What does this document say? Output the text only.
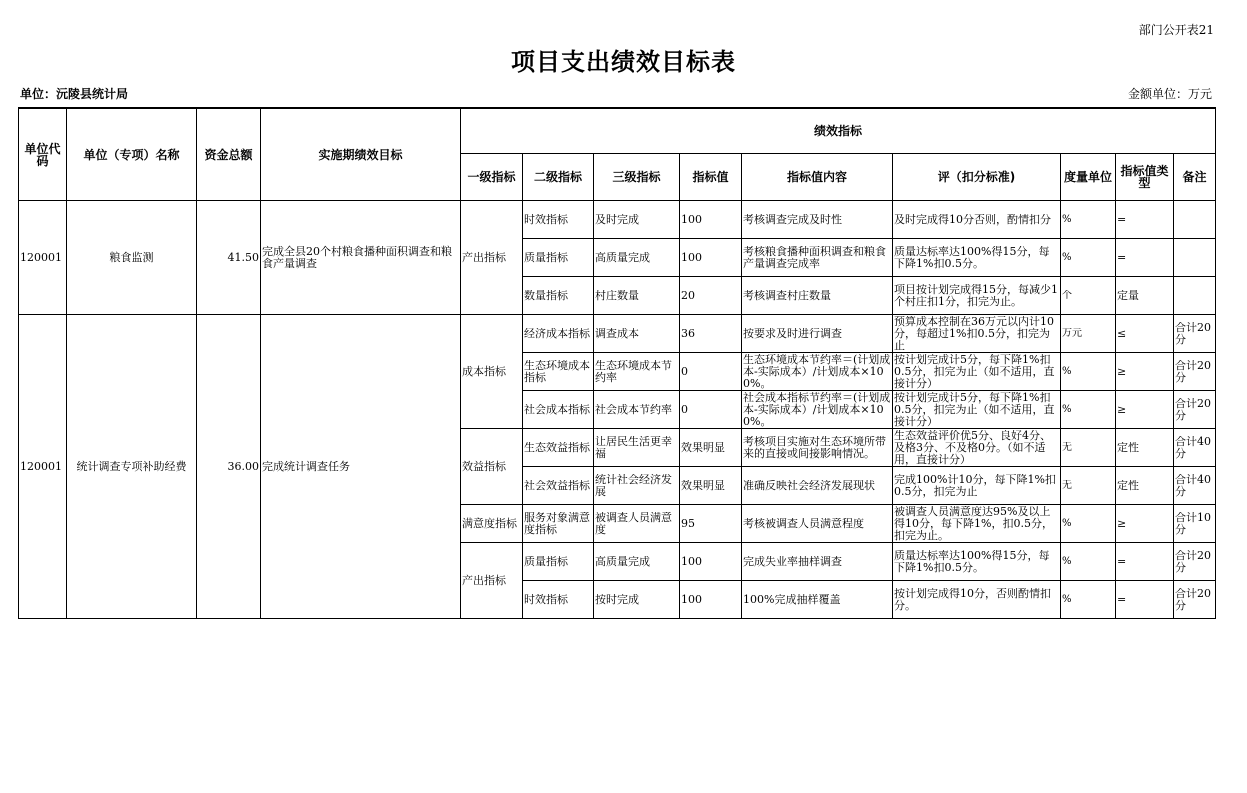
部门公开表21
项目支出绩效目标表
单位：沅陵县统计局	金额单位：万元
单位代码	单位（专项）名称	资金总额	实施期绩效目标	绩效指标								
				一级指标	二级指标	三级指标	指标值	指标值内容	评（扣分标准)	度量单位	指标值类型	备注
120001	粮食监测	41.50	完成全县20个村粮食播种面积调查和粮食产量调查	产出指标	时效指标	及时完成	100	考核调查完成及时性	及时完成得10分否则，酌情扣分	%	=	

					质量指标	高质量完成	100	考核粮食播种面积调查和粮食产量调查完成率	质量达标率达100%得15分，每下降1%扣0.5分。	%	=	

					数量指标	村庄数量	20	考核调查村庄数量	项目按计划完成得15分，每减少1个村庄扣1分，扣完为止。	个	定量	

120001	统计调查专项补助经费	36.00	完成统计调查任务	成本指标	经济成本指标	调查成本	36	按要求及时进行调查	预算成本控制在36万元以内计10分，每超过1%扣0.5分，扣完为止	万元	≤	合计20分

					生态环境成本指标	生态环境成本节约率	0	生态环境成本节约率＝(计划成本-实际成本）/计划成本×100%。	按计划完成计5分，每下降1%扣0.5分，扣完为止（如不适用，直接计分）	%	≥	合计20分

					社会成本指标	社会成本节约率	0	社会成本指标节约率＝(计划成本-实际成本）/计划成本×100%。	按计划完成计5分，每下降1%扣0.5分，扣完为止（如不适用，直接计分）	%	≥	合计20分

				效益指标	生态效益指标	让居民生活更幸福	效果明显	考核项目实施对生态环境所带来的直接或间接影响情况。	生态效益评价优5分、良好4分、及格3分、不及格0分。（如不适用，直接计分）	无	定性	合计40分

					社会效益指标	统计社会经济发展	效果明显	准确反映社会经济发展现状	完成100%计10分，每下降1%扣0.5分，扣完为止	无	定性	合计40分

				满意度指标	服务对象满意度指标	被调查人员满意度	95	考核被调查人员满意程度	被调查人员满意度达95%及以上得10分，每下降1%，扣0.5分，扣完为止。	%	≥	合计10分

				产出指标	质量指标	高质量完成	100	完成失业率抽样调查	质量达标率达100%得15分，每下降1%扣0.5分。	%	=	合计20分

					时效指标	按时完成	100	100%完成抽样覆盖	按计划完成得10分，否则酌情扣分。	%	=	合计20分
